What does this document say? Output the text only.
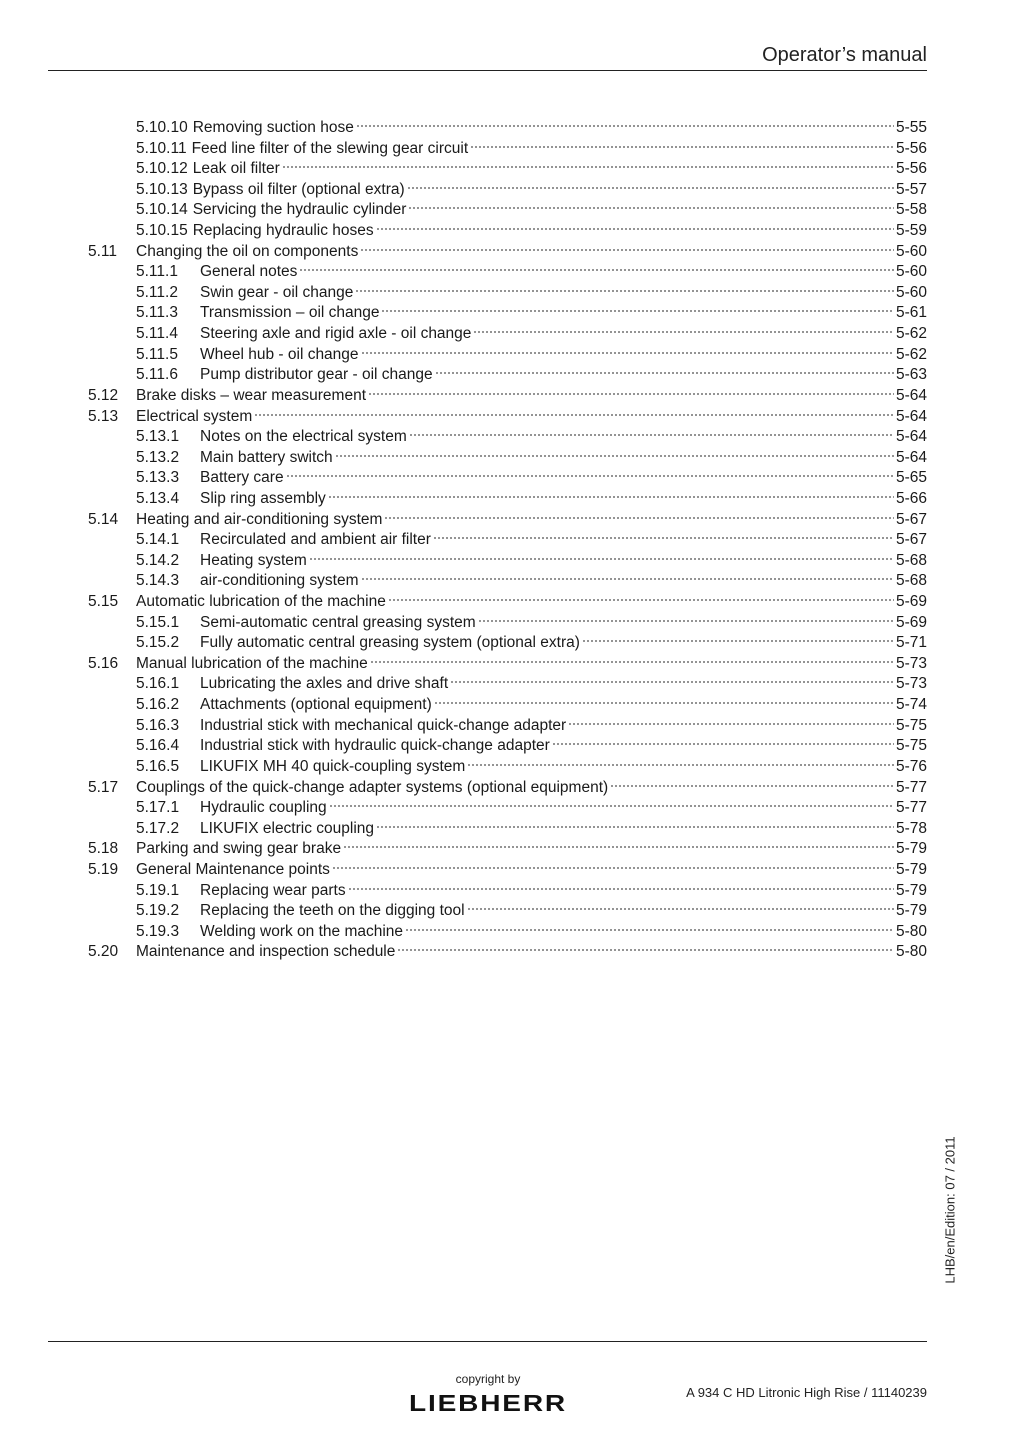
Operator’s manual
5.10.10 Removing suction hose	5-55
5.10.11 Feed line filter of the slewing gear circuit	5-56
5.10.12 Leak oil filter	5-56
5.10.13 Bypass oil filter (optional extra)	5-57
5.10.14 Servicing the hydraulic cylinder	5-58
5.10.15 Replacing hydraulic hoses	5-59
5.11	Changing the oil on components	5-60
5.11.1	General notes	5-60
5.11.2	Swin gear - oil change	5-60
5.11.3	Transmission – oil change	5-61
5.11.4	Steering axle and rigid axle - oil change	5-62
5.11.5	Wheel hub - oil change	5-62
5.11.6	Pump distributor gear - oil change	5-63
5.12	Brake disks – wear measurement	5-64
5.13	Electrical system	5-64
5.13.1	Notes on the electrical system	5-64
5.13.2	Main battery switch	5-64
5.13.3	Battery care	5-65
5.13.4	Slip ring assembly	5-66
5.14	Heating and air-conditioning system	5-67
5.14.1	Recirculated and ambient air filter	5-67
5.14.2	Heating system	5-68
5.14.3	air-conditioning system	5-68
5.15	Automatic lubrication of the machine	5-69
5.15.1	Semi-automatic central greasing system	5-69
5.15.2	Fully automatic central greasing system (optional extra)	5-71
5.16	Manual lubrication of the machine	5-73
5.16.1	Lubricating the axles and drive shaft	5-73
5.16.2	Attachments (optional equipment)	5-74
5.16.3	Industrial stick with mechanical quick-change adapter	5-75
5.16.4	Industrial stick with hydraulic quick-change adapter	5-75
5.16.5	LIKUFIX MH 40 quick-coupling system	5-76
5.17	Couplings of the quick-change adapter systems (optional equipment)	5-77
5.17.1	Hydraulic coupling	5-77
5.17.2	LIKUFIX electric coupling	5-78
5.18	Parking and swing gear brake	5-79
5.19	General Maintenance points	5-79
5.19.1	Replacing wear parts	5-79
5.19.2	Replacing the teeth on the digging tool	5-79
5.19.3	Welding work on the machine	5-80
5.20	Maintenance and inspection schedule	5-80
LHB/en/Edition: 07 / 2011
copyright by
LIEBHERR	A 934 C HD Litronic High Rise / 11140239
